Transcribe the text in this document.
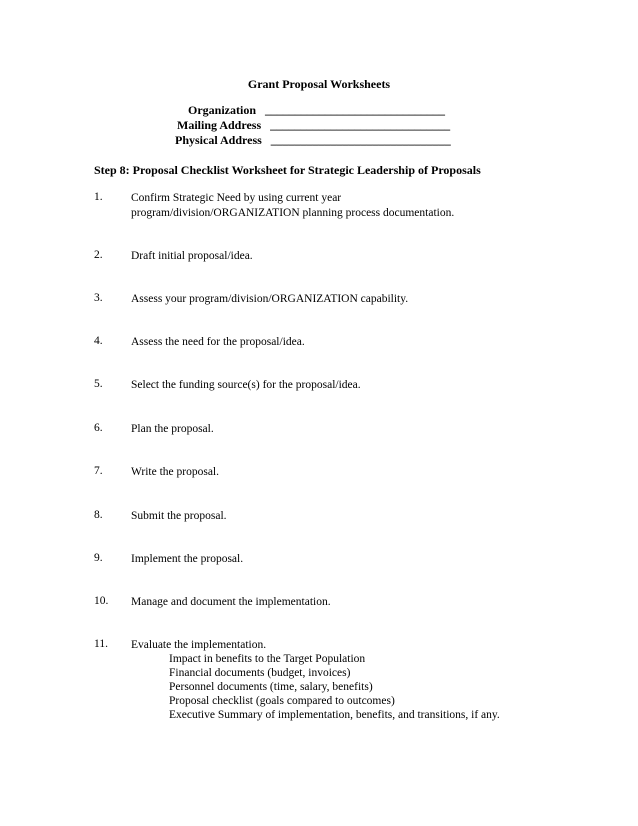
Grant Proposal Worksheets
Organization ______________________________
Mailing Address ______________________________
Physical Address ______________________________
Step 8: Proposal Checklist Worksheet for Strategic Leadership of Proposals
1. Confirm Strategic Need by using current year
program/division/ORGANIZATION planning process documentation.
2. Draft initial proposal/idea.
3. Assess your program/division/ORGANIZATION capability.
4. Assess the need for the proposal/idea.
5. Select the funding source(s) for the proposal/idea.
6. Plan the proposal.
7. Write the proposal.
8. Submit the proposal.
9. Implement the proposal.
10. Manage and document the implementation.
11. Evaluate the implementation.
Impact in benefits to the Target Population
Financial documents (budget, invoices)
Personnel documents (time, salary, benefits)
Proposal checklist (goals compared to outcomes)
Executive Summary of implementation, benefits, and transitions, if any.
